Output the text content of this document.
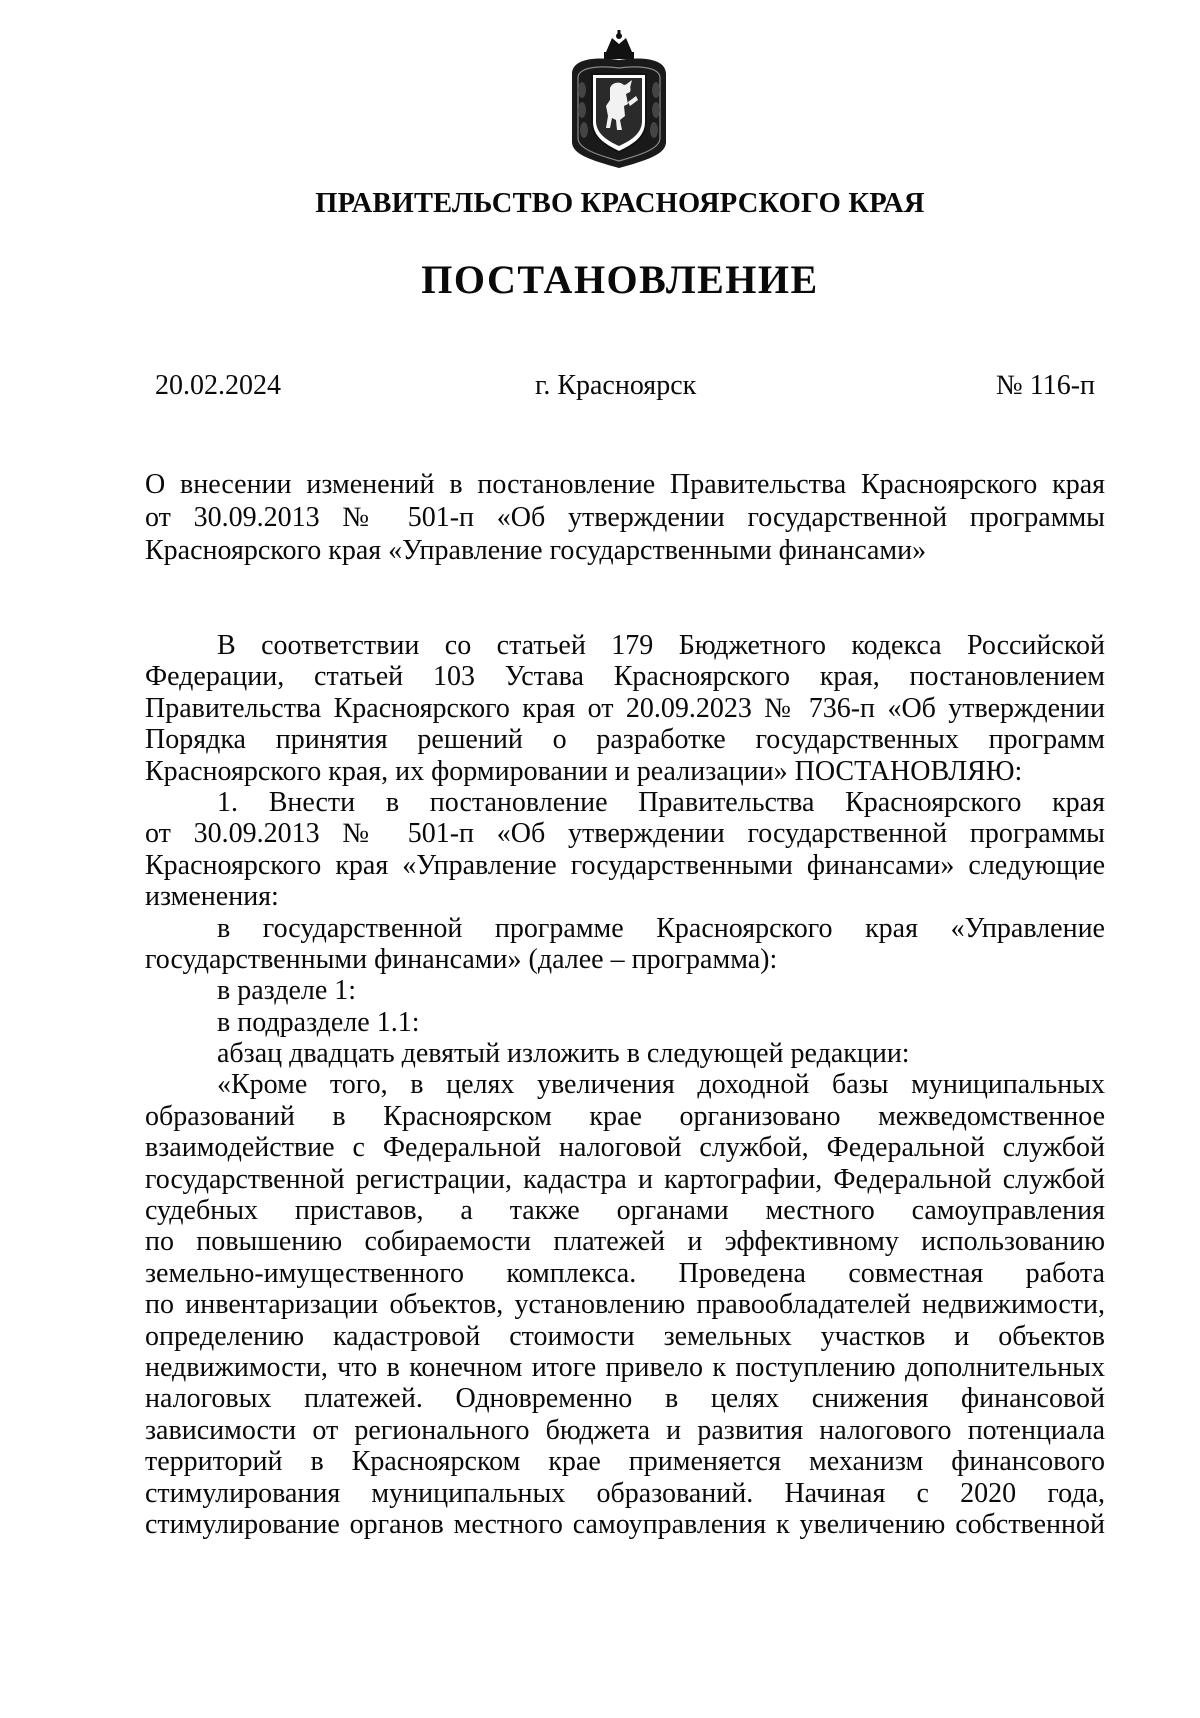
ПРАВИТЕЛЬСТВО КРАСНОЯРСКОГО КРАЯ
ПОСТАНОВЛЕНИЕ
20.02.2024	г. Красноярск	№ 116-п
О внесении изменений в постановление Правительства Красноярского края
от 30.09.2013 № 501-п «Об утверждении государственной программы
Красноярского края «Управление государственными финансами»
В соответствии со статьей 179 Бюджетного кодекса Российской
Федерации, статьей 103 Устава Красноярского края, постановлением
Правительства Красноярского края от 20.09.2023 № 736-п «Об утверждении
Порядка принятия решений о разработке государственных программ
Красноярского края, их формировании и реализации» ПОСТАНОВЛЯЮ:
1. Внести в постановление Правительства Красноярского края
от 30.09.2013 № 501-п «Об утверждении государственной программы
Красноярского края «Управление государственными финансами» следующие
изменения:
в государственной программе Красноярского края «Управление
государственными финансами» (далее – программа):
в разделе 1:
в подразделе 1.1:
абзац двадцать девятый изложить в следующей редакции:
«Кроме того, в целях увеличения доходной базы муниципальных
образований в Красноярском крае организовано межведомственное
взаимодействие с Федеральной налоговой службой, Федеральной службой
государственной регистрации, кадастра и картографии, Федеральной службой
судебных приставов, а также органами местного самоуправления
по повышению собираемости платежей и эффективному использованию
земельно-имущественного комплекса. Проведена совместная работа
по инвентаризации объектов, установлению правообладателей недвижимости,
определению кадастровой стоимости земельных участков и объектов
недвижимости, что в конечном итоге привело к поступлению дополнительных
налоговых платежей. Одновременно в целях снижения финансовой
зависимости от регионального бюджета и развития налогового потенциала
территорий в Красноярском крае применяется механизм финансового
стимулирования муниципальных образований. Начиная с 2020 года,
стимулирование органов местного самоуправления к увеличению собственной
